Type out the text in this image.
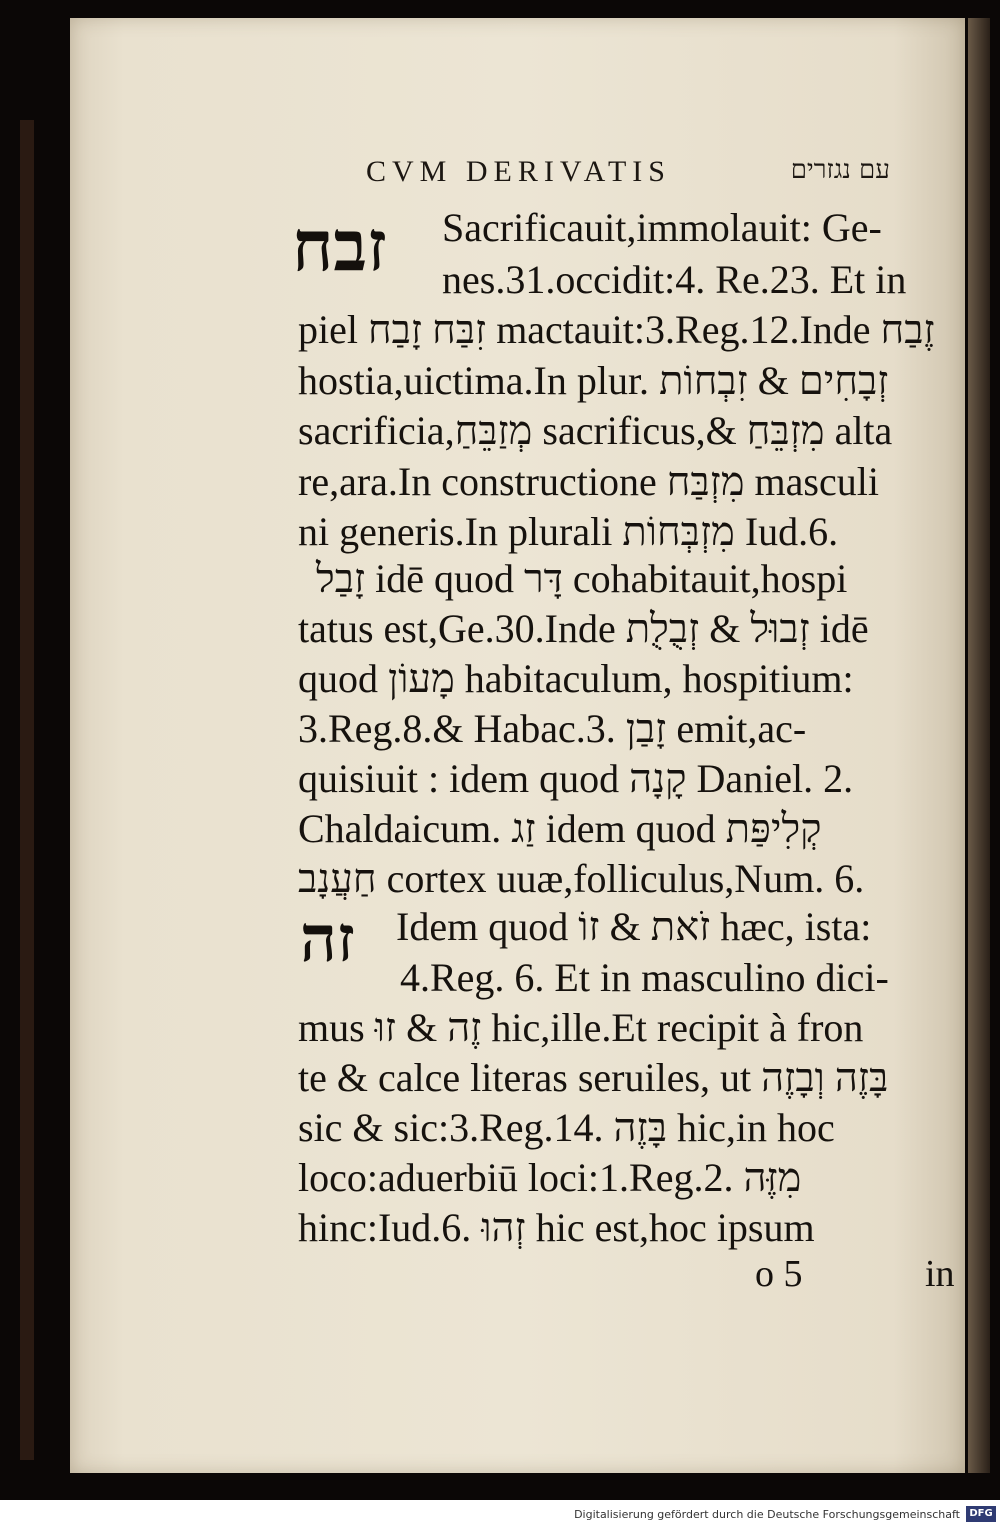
CVM DERIVATIS	עם נגזרים
זבח
זה
Sacrificauit,immolauit: Ge-
nes.31.occidit:4. Re.23. Et in
piel זִבַּח זָבַח mactauit:3.Reg.12.Inde זֶבַח
hostia,uictima.In plur. זְבָחִים & זִבְחוֹת
sacrificia,מְזַבֵּחַ sacrificus,& מִזְבֵּחַ alta
re,ara.In constructione מִזְבַּח masculi
ni generis.In plurali מִזְבְּחוֹת Iud.6.
זָבַל idē quod דָּר cohabitauit,hospi
tatus est,Ge.30.Inde זְבוּל & זְבֻלֻת idē
quod מָעוֹן habitaculum, hospitium:
3.Reg.8.& Habac.3. זָבַן emit,ac-
quisiuit : idem quod קָנָה Daniel. 2.
Chaldaicum. זַג idem quod קְלִיפַּת
חַעֲנָב cortex uuæ,folliculus,Num. 6.
Idem quod זֹאת & זוֹ hæc, ista:
4.Reg. 6. Et in masculino dici-
mus זֶה & זוּ hic,ille.Et recipit à fron
te & calce literas seruiles, ut בָּזֶה וְבָזֶה
sic & sic:3.Reg.14. בָּזֶה hic,in hoc
loco:aduerbiū loci:1.Reg.2. מִזֶּה
hinc:Iud.6. זְהוּ hic est,hoc ipsum
o 5	in
Digitalisierung gefördert durch die Deutsche Forschungsgemeinschaft DFG
